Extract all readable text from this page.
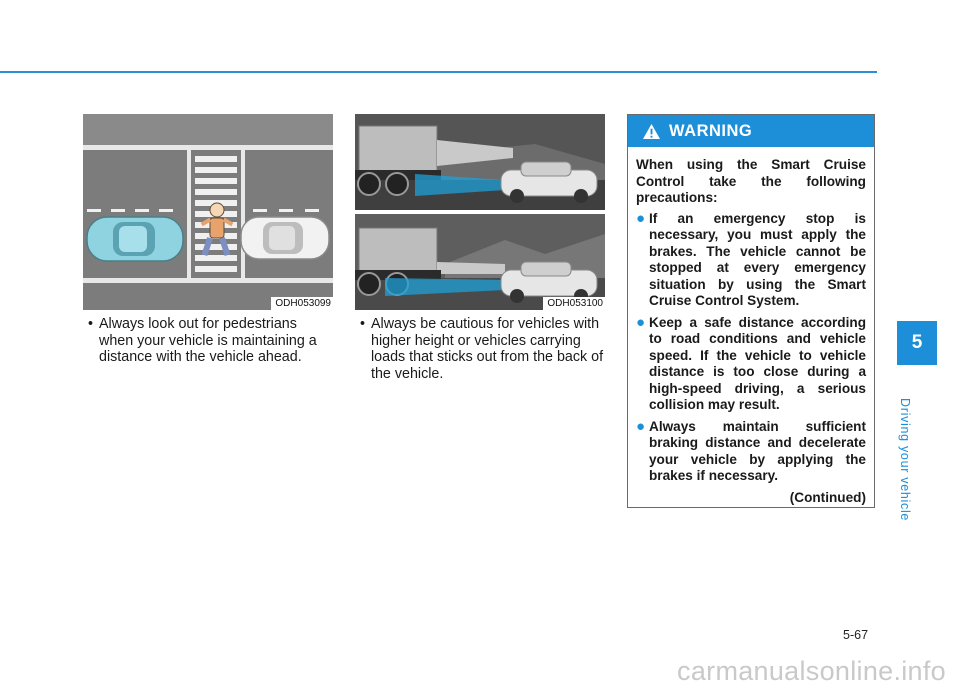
ODH053099	ODH053100

• Always look out for pedestrians when your vehicle is maintaining a distance with the vehicle ahead.

• Always be cautious for vehicles with higher height or vehicles carrying loads that sticks out from the back of the vehicle.

WARNING

When using the Smart Cruise Control take the following precautions:

● If an emergency stop is necessary, you must apply the brakes. The vehicle cannot be stopped at every emergency situation by using the Smart Cruise Control System.
● Keep a safe distance according to road conditions and vehicle speed. If the vehicle to vehicle distance is too close during a high-speed driving, a serious collision may result.
● Always maintain sufficient braking distance and decelerate your vehicle by applying the brakes if necessary.
(Continued)
5
Driving your vehicle
5-67
carmanualsonline.info
